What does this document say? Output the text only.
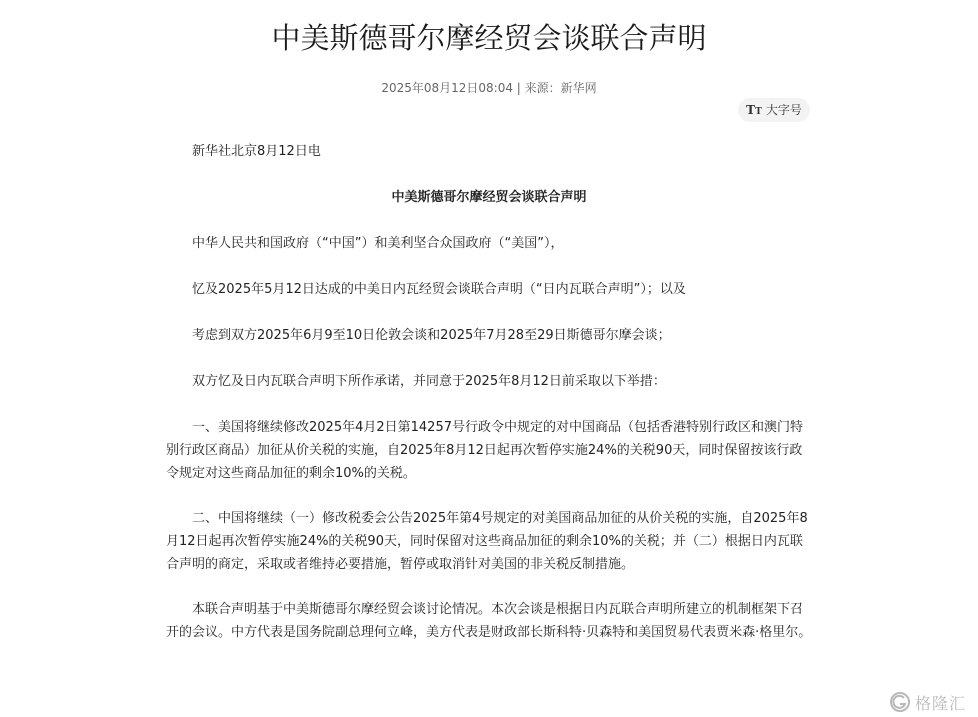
中美斯德哥尔摩经贸会谈联合声明
2025年08月12日08:04 | 来源：新华网
TT 大字号

新华社北京8月12日电

中美斯德哥尔摩经贸会谈联合声明

中华人民共和国政府（“中国”）和美利坚合众国政府（“美国”），

忆及2025年5月12日达成的中美日内瓦经贸会谈联合声明（“日内瓦联合声明”）；以及

考虑到双方2025年6月9至10日伦敦会谈和2025年7月28至29日斯德哥尔摩会谈；

双方忆及日内瓦联合声明下所作承诺，并同意于2025年8月12日前采取以下举措：

一、美国将继续修改2025年4月2日第14257号行政令中规定的对中国商品（包括香港特别行政区和澳门特别行政区商品）加征从价关税的实施，自2025年8月12日起再次暂停实施24%的关税90天，同时保留按该行政令规定对这些商品加征的剩余10%的关税。

二、中国将继续（一）修改税委会公告2025年第4号规定的对美国商品加征的从价关税的实施，自2025年8月12日起再次暂停实施24%的关税90天，同时保留对这些商品加征的剩余10%的关税；并（二）根据日内瓦联合声明的商定，采取或者维持必要措施，暂停或取消针对美国的非关税反制措施。

本联合声明基于中美斯德哥尔摩经贸会谈讨论情况。本次会谈是根据日内瓦联合声明所建立的机制框架下召开的会议。中方代表是国务院副总理何立峰，美方代表是财政部长斯科特·贝森特和美国贸易代表贾米森·格里尔。

格隆汇
